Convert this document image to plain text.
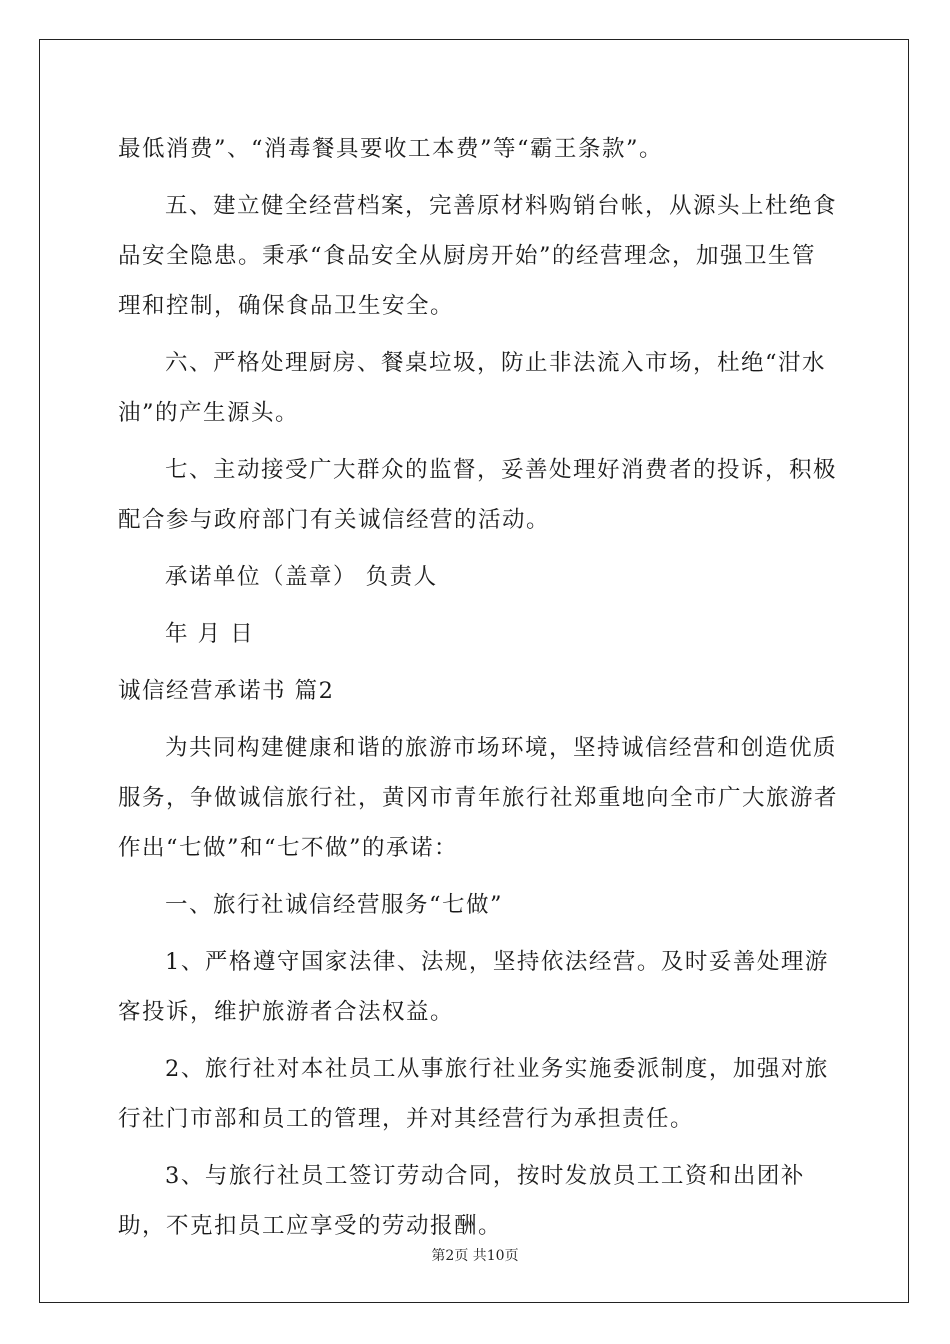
最低消费”、“消毒餐具要收工本费”等“霸王条款”。

五、建立健全经营档案，完善原材料购销台帐，从源头上杜绝食品安全隐患。秉承“食品安全从厨房开始”的经营理念，加强卫生管理和控制，确保食品卫生安全。

六、严格处理厨房、餐桌垃圾，防止非法流入市场，杜绝“泔水油”的产生源头。

七、主动接受广大群众的监督，妥善处理好消费者的投诉，积极配合参与政府部门有关诚信经营的活动。

承诺单位（盖章） 负责人

年 月 日

诚信经营承诺书 篇2

为共同构建健康和谐的旅游市场环境，坚持诚信经营和创造优质服务，争做诚信旅行社，黄冈市青年旅行社郑重地向全市广大旅游者作出“七做”和“七不做”的承诺：

一、旅行社诚信经营服务“七做”

1、严格遵守国家法律、法规，坚持依法经营。及时妥善处理游客投诉，维护旅游者合法权益。

2、旅行社对本社员工从事旅行社业务实施委派制度，加强对旅行社门市部和员工的管理，并对其经营行为承担责任。

3、与旅行社员工签订劳动合同，按时发放员工工资和出团补助，不克扣员工应享受的劳动报酬。

第2页 共10页
